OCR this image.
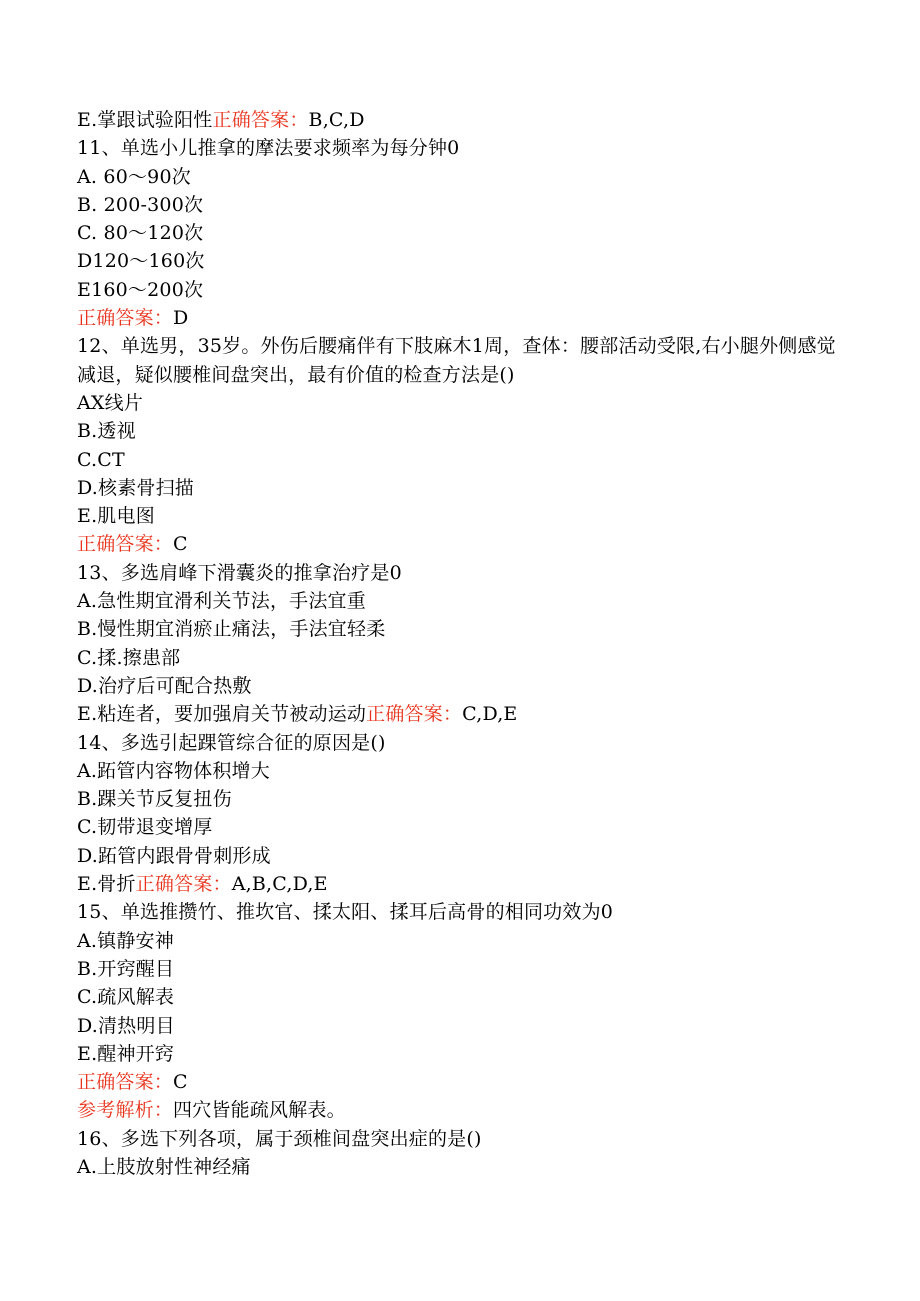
E.掌跟试验阳性正确答案：B,C,D
11、单选小儿推拿的摩法要求频率为每分钟0
A. 60～90次
B. 200-300次
C. 80～120次
D120～160次
E160～200次
正确答案：D
12、单选男，35岁。外伤后腰痛伴有下肢麻木1周，查体：腰部活动受限,右小腿外侧感觉减退，疑似腰椎间盘突出，最有价值的检查方法是()
AX线片
B.透视
C.CT
D.核素骨扫描
E.肌电图
正确答案：C
13、多选肩峰下滑囊炎的推拿治疗是0
A.急性期宜滑利关节法，手法宜重
B.慢性期宜消瘀止痛法，手法宜轻柔
C.揉.擦患部
D.治疗后可配合热敷
E.粘连者，要加强肩关节被动运动正确答案：C,D,E
14、多选引起踝管综合征的原因是()
A.跖管内容物体积增大
B.踝关节反复扭伤
C.韧带退变增厚
D.跖管内跟骨骨刺形成
E.骨折正确答案：A,B,C,D,E
15、单选推攒竹、推坎官、揉太阳、揉耳后高骨的相同功效为0
A.镇静安神
B.开窍醒目
C.疏风解表
D.清热明目
E.醒神开窍
正确答案：C
参考解析：四穴皆能疏风解表。
16、多选下列各项，属于颈椎间盘突出症的是()
A.上肢放射性神经痛
